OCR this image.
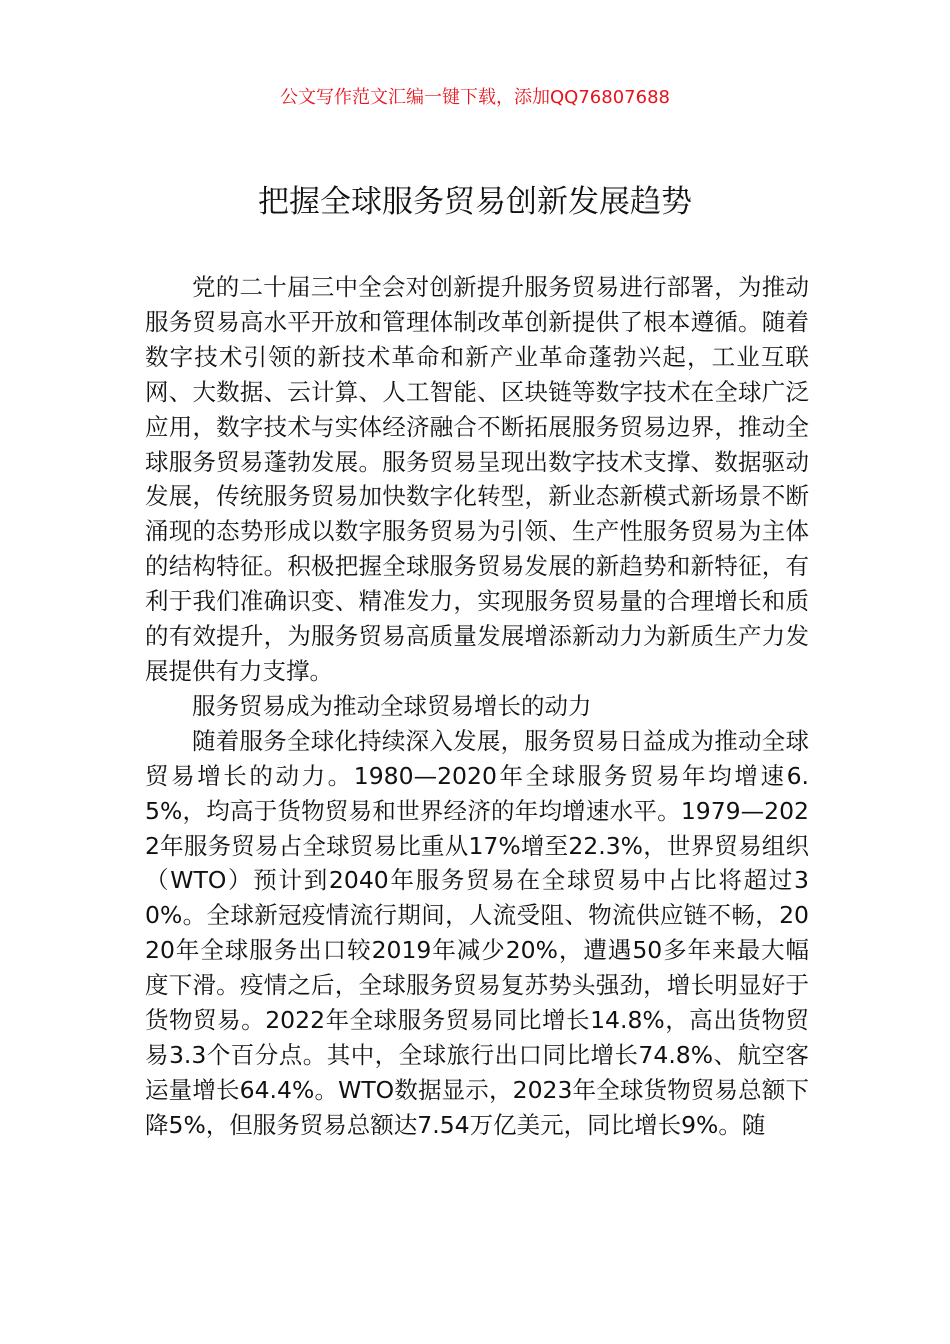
公文写作范文汇编一键下载，添加QQ76807688
把握全球服务贸易创新发展趋势

党的二十届三中全会对创新提升服务贸易进行部署，为推动服务贸易高水平开放和管理体制改革创新提供了根本遵循。随着数字技术引领的新技术革命和新产业革命蓬勃兴起，工业互联网、大数据、云计算、人工智能、区块链等数字技术在全球广泛应用，数字技术与实体经济融合不断拓展服务贸易边界，推动全球服务贸易蓬勃发展。服务贸易呈现出数字技术支撑、数据驱动发展，传统服务贸易加快数字化转型，新业态新模式新场景不断涌现的态势形成以数字服务贸易为引领、生产性服务贸易为主体的结构特征。积极把握全球服务贸易发展的新趋势和新特征，有利于我们准确识变、精准发力，实现服务贸易量的合理增长和质的有效提升，为服务贸易高质量发展增添新动力为新质生产力发展提供有力支撑。

服务贸易成为推动全球贸易增长的动力

随着服务全球化持续深入发展，服务贸易日益成为推动全球贸易增长的动力。1980—2020年全球服务贸易年均增速6.5%，均高于货物贸易和世界经济的年均增速水平。1979—2022年服务贸易占全球贸易比重从17%增至22.3%，世界贸易组织（WTO）预计到2040年服务贸易在全球贸易中占比将超过30%。全球新冠疫情流行期间，人流受阻、物流供应链不畅，2020年全球服务出口较2019年减少20%，遭遇50多年来最大幅度下滑。疫情之后，全球服务贸易复苏势头强劲，增长明显好于货物贸易。2022年全球服务贸易同比增长14.8%，高出货物贸易3.3个百分点。其中，全球旅行出口同比增长74.8%、航空客运量增长64.4%。WTO数据显示，2023年全球货物贸易总额下降5%，但服务贸易总额达7.54万亿美元，同比增长9%。随
